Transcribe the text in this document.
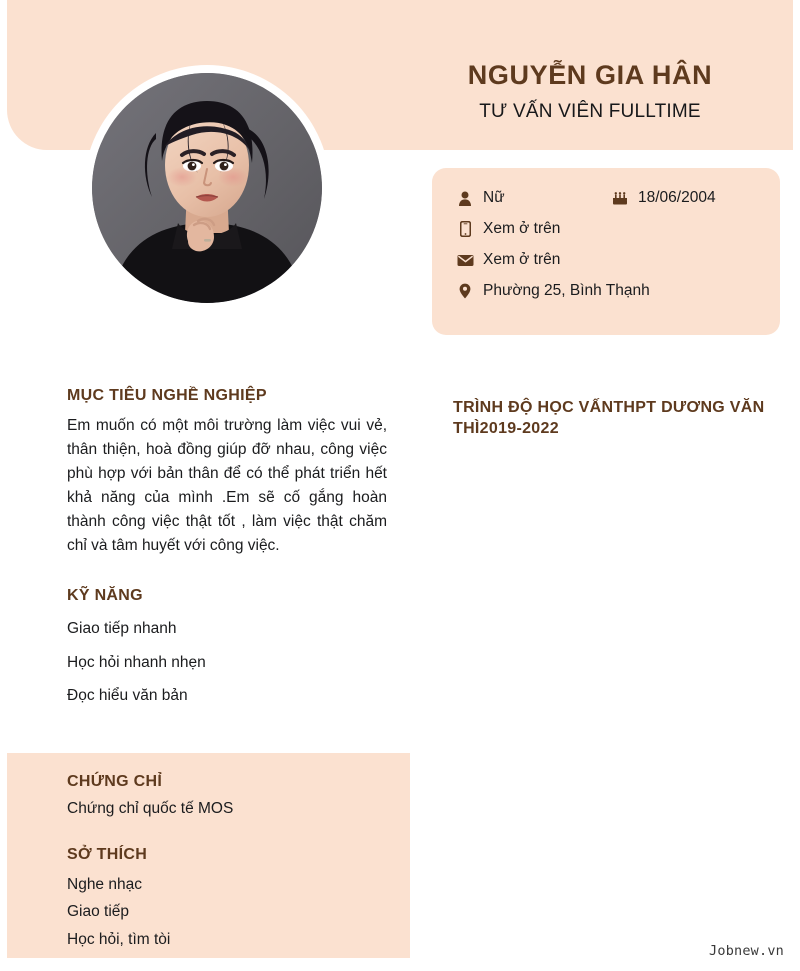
NGUYỄN GIA HÂN
TƯ VẤN VIÊN FULLTIME
Nữ	18/06/2004
Xem ở trên
Xem ở trên
Phường 25, Bình Thạnh
MỤC TIÊU NGHỀ NGHIỆP

Em muốn có một môi trường làm việc vui vẻ, thân thiện, hoà đồng giúp đỡ nhau, công việc phù hợp với bản thân để có thể phát triển hết khả năng của mình .Em sẽ cố gắng hoàn thành công việc thật tốt , làm việc thật chăm chỉ và tâm huyết với công việc.

KỸ NĂNG
Giao tiếp nhanh
Học hỏi nhanh nhẹn
Đọc hiểu văn bản
TRÌNH ĐỘ HỌC VẤNTHPT DƯƠNG VĂN THÌ2019-2022
CHỨNG CHỈ

Chứng chỉ quốc tế MOS

SỞ THÍCH
Nghe nhạc
Giao tiếp
Học hỏi, tìm tòi
Jobnew.vn
